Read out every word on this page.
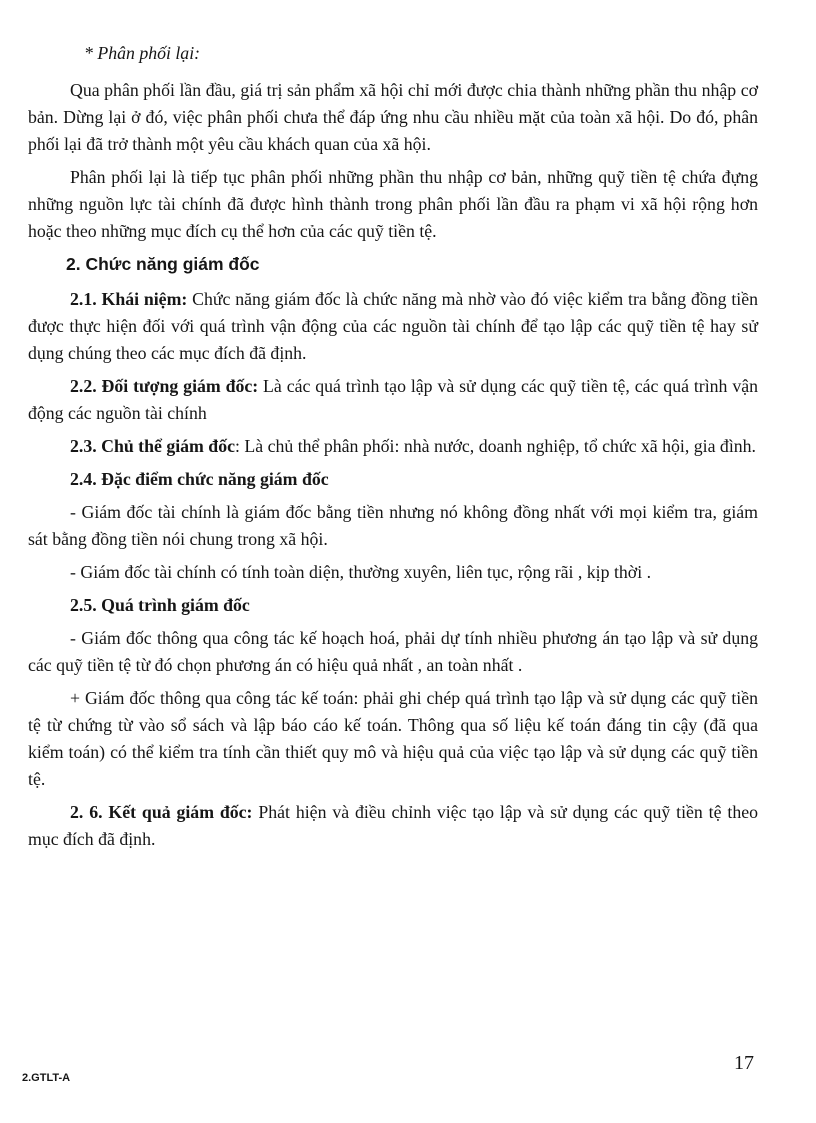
* Phân phối lại:

Qua phân phối lần đầu, giá trị sản phẩm xã hội chỉ mới được chia thành những phần thu nhập cơ bản. Dừng lại ở đó, việc phân phối chưa thể đáp ứng nhu cầu nhiều mặt của toàn xã hội. Do đó, phân phối lại đã trở thành một yêu cầu khách quan của xã hội.

Phân phối lại là tiếp tục phân phối những phần thu nhập cơ bản, những quỹ tiền tệ chứa đựng những nguồn lực tài chính đã được hình thành trong phân phối lần đầu ra phạm vi xã hội rộng hơn hoặc theo những mục đích cụ thể hơn của các quỹ tiền tệ.

2. Chức năng giám đốc

2.1. Khái niệm: Chức năng giám đốc là chức năng mà nhờ vào đó việc kiểm tra bằng đồng tiền được thực hiện đối với quá trình vận động của các nguồn tài chính để tạo lập các quỹ tiền tệ hay sử dụng chúng theo các mục đích đã định.

2.2. Đối tượng giám đốc: Là các quá trình tạo lập và sử dụng các quỹ tiền tệ, các quá trình vận động các nguồn tài chính

2.3. Chủ thể giám đốc: Là chủ thể phân phối: nhà nước, doanh nghiệp, tổ chức xã hội, gia đình.

2.4. Đặc điểm chức năng giám đốc

- Giám đốc tài chính là giám đốc bằng tiền nhưng nó không đồng nhất với mọi kiểm tra, giám sát bằng đồng tiền nói chung trong xã hội.

- Giám đốc tài chính có tính toàn diện, thường xuyên, liên tục, rộng rãi , kịp thời .

2.5. Quá trình giám đốc

- Giám đốc thông qua công tác kế hoạch hoá, phải dự tính nhiều phương án tạo lập và sử dụng các quỹ tiền tệ từ đó chọn phương án có hiệu quả nhất , an toàn nhất .

+ Giám đốc thông qua công tác kế toán: phải ghi chép quá trình tạo lập và sử dụng các quỹ tiền tệ từ chứng từ vào sổ sách và lập báo cáo kế toán. Thông qua số liệu kế toán đáng tin cậy (đã qua kiểm toán) có thể kiểm tra tính cần thiết quy mô và hiệu quả của việc tạo lập và sử dụng các quỹ tiền tệ.

2. 6. Kết quả giám đốc: Phát hiện và điều chỉnh việc tạo lập và sử dụng các quỹ tiền tệ theo mục đích đã định.

17
2.GTLT-A
